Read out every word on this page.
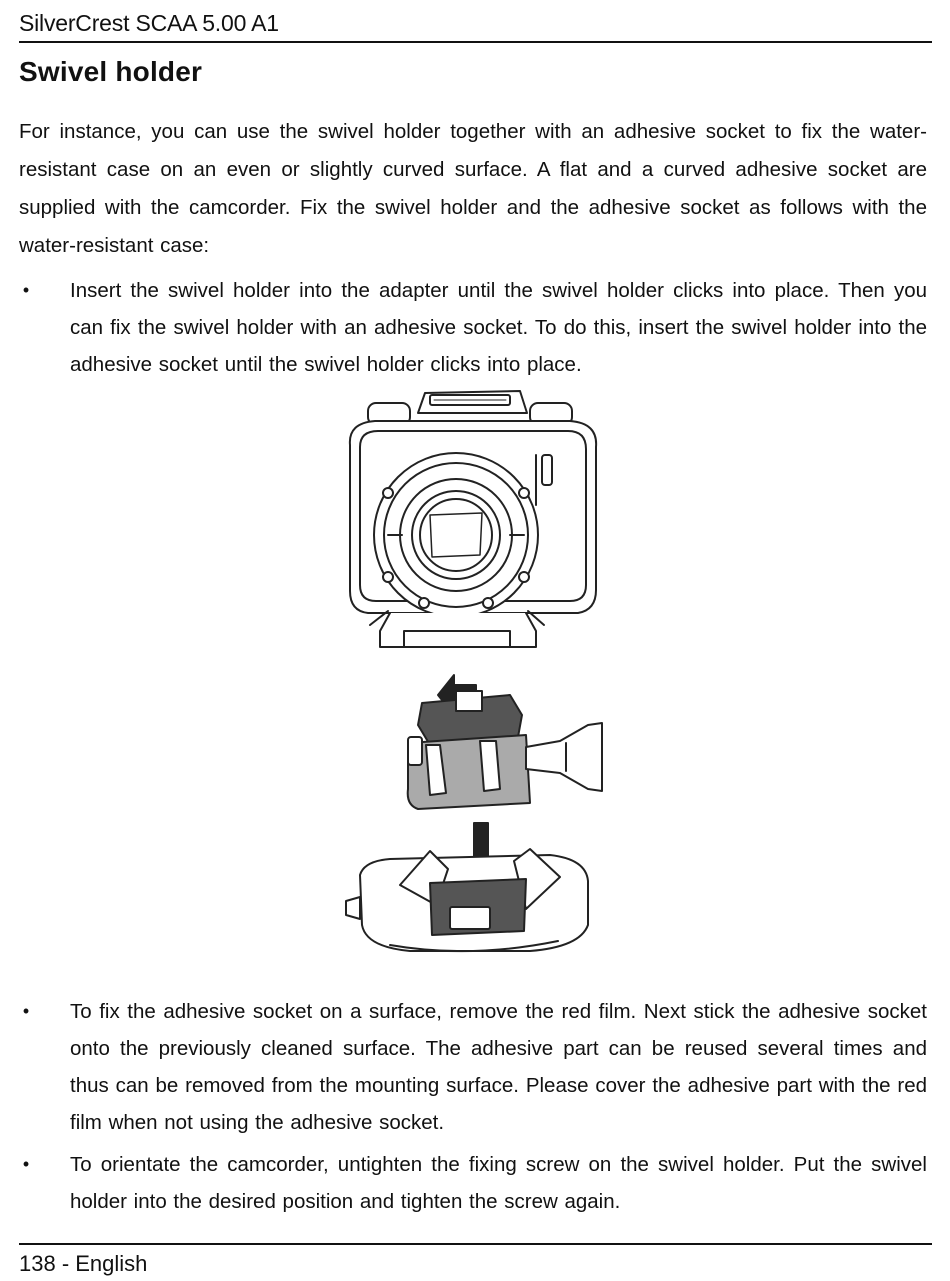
SilverCrest SCAA 5.00 A1
Swivel holder

For instance, you can use the swivel holder together with an adhesive socket to fix the water-resistant case on an even or slightly curved surface. A flat and a curved adhesive socket are supplied with the camcorder. Fix the swivel holder and the adhesive socket as follows with the water-resistant case:

• Insert the swivel holder into the adapter until the swivel holder clicks into place. Then you can fix the swivel holder with an adhesive socket. To do this, insert the swivel holder into the adhesive socket until the swivel holder clicks into place.
• To fix the adhesive socket on a surface, remove the red film. Next stick the adhesive socket onto the previously cleaned surface. The adhesive part can be reused several times and thus can be removed from the mounting surface. Please cover the adhesive part with the red film when not using the adhesive socket.
• To orientate the camcorder, untighten the fixing screw on the swivel holder. Put the swivel holder into the desired position and tighten the screw again.
138 - English
